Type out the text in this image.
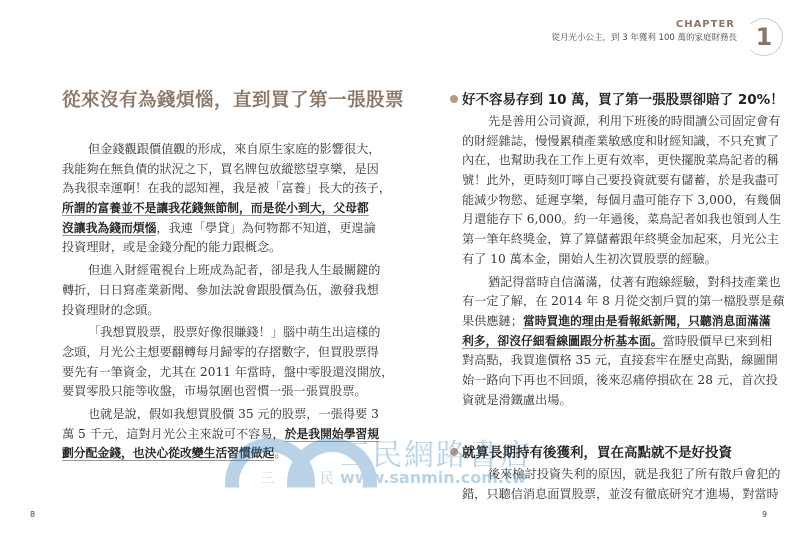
CHAPTER
從月光小公主，到 3 年獲利 100 萬的家庭財務長 1
從來沒有為錢煩惱，直到買了第一張股票
但金錢觀跟價值觀的形成，來自原生家庭的影響很大，
我能夠在無負債的狀況之下，買名牌包放縱慾望享樂，是因
為我很幸運啊！在我的認知裡，我是被「富養」長大的孩子，
所謂的富養並不是讓我花錢無節制，而是從小到大，父母都
沒讓我為錢而煩惱，我連「學貸」為何物都不知道，更遑論
投資理財，或是金錢分配的能力跟概念。
但進入財經電視台上班成為記者，卻是我人生最關鍵的
轉折，日日寫產業新聞、參加法說會跟股價為伍，激發我想
投資理財的念頭。
「我想買股票，股票好像很賺錢！」腦中萌生出這樣的
念頭，月光公主想要翻轉每月歸零的存摺數字，但買股票得
要先有一筆資金，尤其在 2011 年當時，盤中零股還沒開放，
要買零股只能等收盤，市場氛圍也習慣一張一張買股票。
也就是說，假如我想買股價 35 元的股票，一張得要 3
萬 5 千元，這對月光公主來說可不容易，於是我開始學習規
劃分配金錢，也決心從改變生活習慣做起。
好不容易存到 10 萬，買了第一張股票卻賠了 20%！
先是善用公司資源，利用下班後的時間讀公司固定會有
的財經雜誌，慢慢累積產業敏感度和財經知識，不只充實了
內在，也幫助我在工作上更有效率，更快擺脫菜鳥記者的稱
號！此外，更時刻叮嚀自己要投資就要有儲蓄，於是我盡可
能減少物慾、延遲享樂，每個月盡可能存下 3,000，有幾個
月還能存下 6,000。約一年過後，菜鳥記者如我也領到人生
第一筆年終獎金，算了算儲蓄跟年終獎金加起來，月光公主
有了 10 萬本金，開始人生初次買股票的經驗。
猶記得當時自信滿滿，仗著有跑線經驗，對科技產業也
有一定了解，在 2014 年 8 月從交割戶買的第一檔股票是蘋
果供應鏈；當時買進的理由是看報紙新聞，只聽消息面滿滿
利多，卻沒仔細看線圖跟分析基本面。當時股價早已來到相
對高點，我買進價格 35 元，直接套牢在歷史高點，線圖開
始一路向下再也不回頭，後來忍痛停損砍在 28 元，首次投
資就是滑鐵盧出場。
就算長期持有後獲利，買在高點就不是好投資
後來檢討投資失利的原因，就是我犯了所有散戶會犯的
錯，只聽信消息面買股票，並沒有徹底研究才進場，對當時
三	民
三民網路書店
www.sanmin.com.tw
8	9
